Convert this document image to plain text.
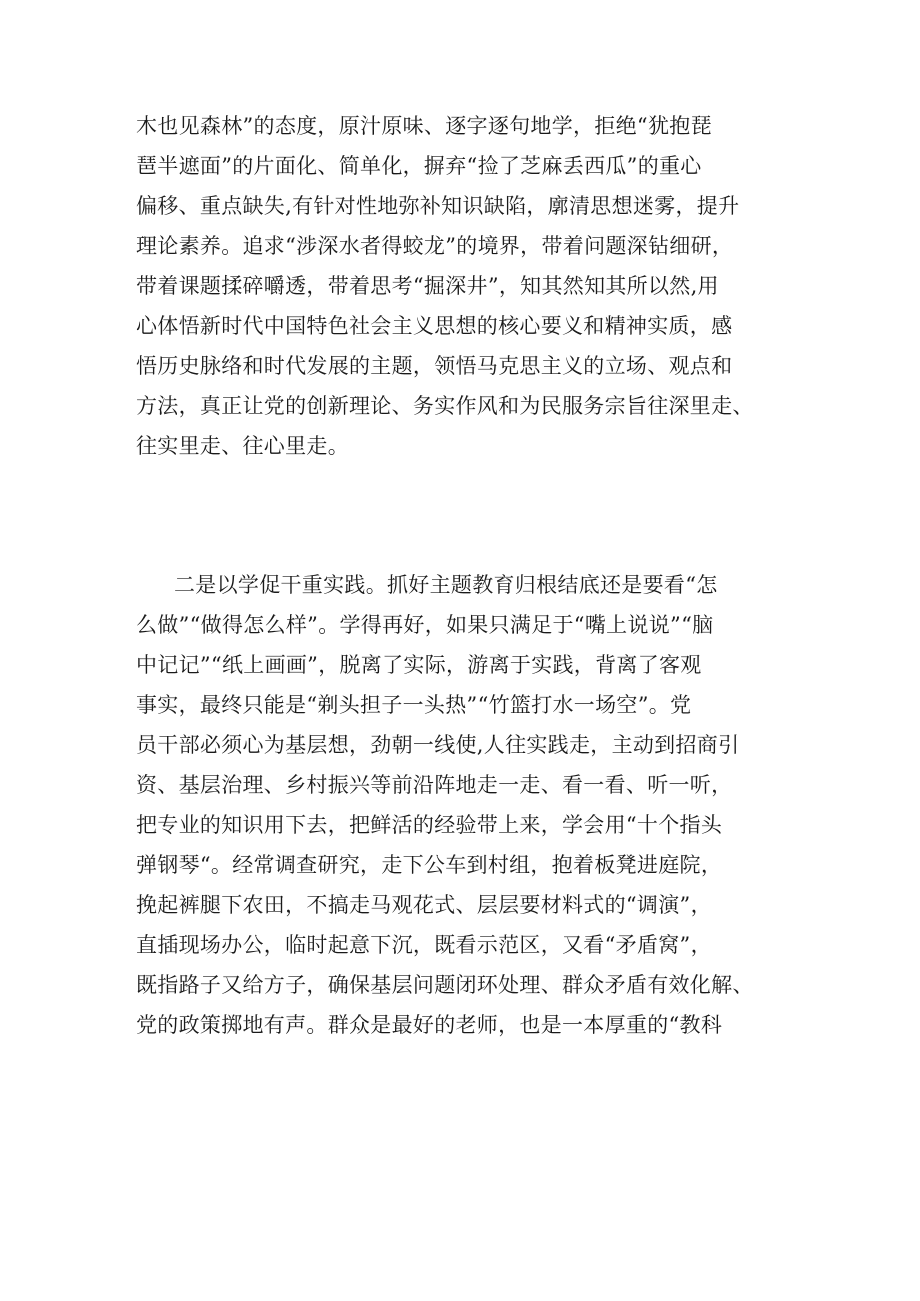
木也见森林”的态度，原汁原味、逐字逐句地学，拒绝“犹抱琵
琶半遮面”的片面化、简单化，摒弃“捡了芝麻丢西瓜”的重心
偏移、重点缺失,有针对性地弥补知识缺陷，廓清思想迷雾，提升
理论素养。追求“涉深水者得蛟龙”的境界，带着问题深钻细研，
带着课题揉碎嚼透，带着思考“掘深井”，知其然知其所以然,用
心体悟新时代中国特色社会主义思想的核心要义和精神实质，感
悟历史脉络和时代发展的主题，领悟马克思主义的立场、观点和
方法，真正让党的创新理论、务实作风和为民服务宗旨往深里走、
往实里走、往心里走。
二是以学促干重实践。抓好主题教育归根结底还是要看“怎
么做”“做得怎么样”。学得再好，如果只满足于“嘴上说说”“脑
中记记”“纸上画画”，脱离了实际，游离于实践，背离了客观
事实，最终只能是“剃头担子一头热”“竹篮打水一场空”。党
员干部必须心为基层想，劲朝一线使,人往实践走，主动到招商引
资、基层治理、乡村振兴等前沿阵地走一走、看一看、听一听，
把专业的知识用下去，把鲜活的经验带上来，学会用“十个指头
弹钢琴“。经常调查研究，走下公车到村组，抱着板凳进庭院，
挽起裤腿下农田，不搞走马观花式、层层要材料式的“调演”，
直插现场办公，临时起意下沉，既看示范区，又看“矛盾窝”，
既指路子又给方子，确保基层问题闭环处理、群众矛盾有效化解、
党的政策掷地有声。群众是最好的老师，也是一本厚重的“教科
